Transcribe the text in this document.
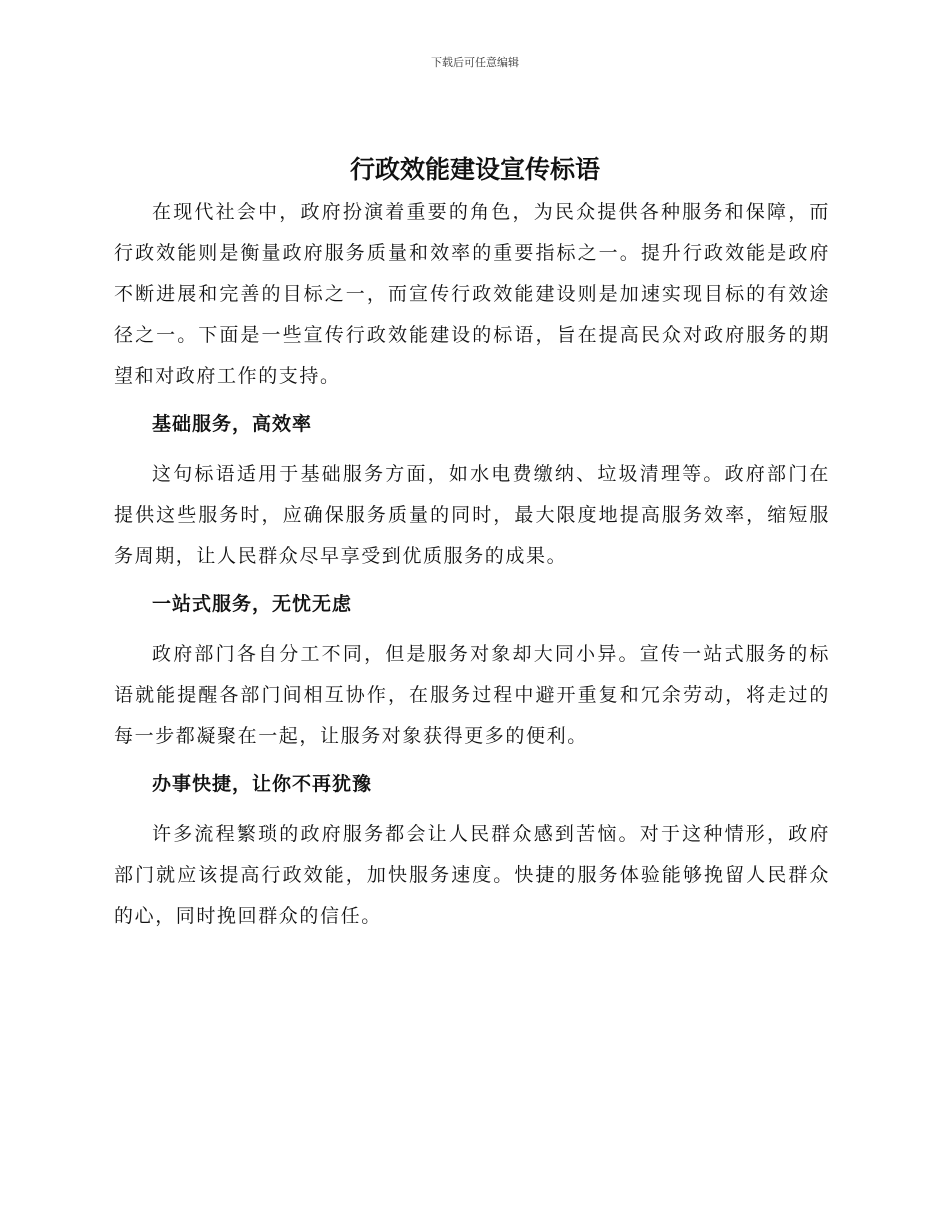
下载后可任意编辑
行政效能建设宣传标语

在现代社会中，政府扮演着重要的角色，为民众提供各种服务和保障，而行政效能则是衡量政府服务质量和效率的重要指标之一。提升行政效能是政府不断进展和完善的目标之一，而宣传行政效能建设则是加速实现目标的有效途径之一。下面是一些宣传行政效能建设的标语，旨在提高民众对政府服务的期望和对政府工作的支持。

基础服务，高效率

这句标语适用于基础服务方面，如水电费缴纳、垃圾清理等。政府部门在提供这些服务时，应确保服务质量的同时，最大限度地提高服务效率，缩短服务周期，让人民群众尽早享受到优质服务的成果。

一站式服务，无忧无虑

政府部门各自分工不同，但是服务对象却大同小异。宣传一站式服务的标语就能提醒各部门间相互协作，在服务过程中避开重复和冗余劳动，将走过的每一步都凝聚在一起，让服务对象获得更多的便利。

办事快捷，让你不再犹豫

许多流程繁琐的政府服务都会让人民群众感到苦恼。对于这种情形，政府部门就应该提高行政效能，加快服务速度。快捷的服务体验能够挽留人民群众的心，同时挽回群众的信任。
